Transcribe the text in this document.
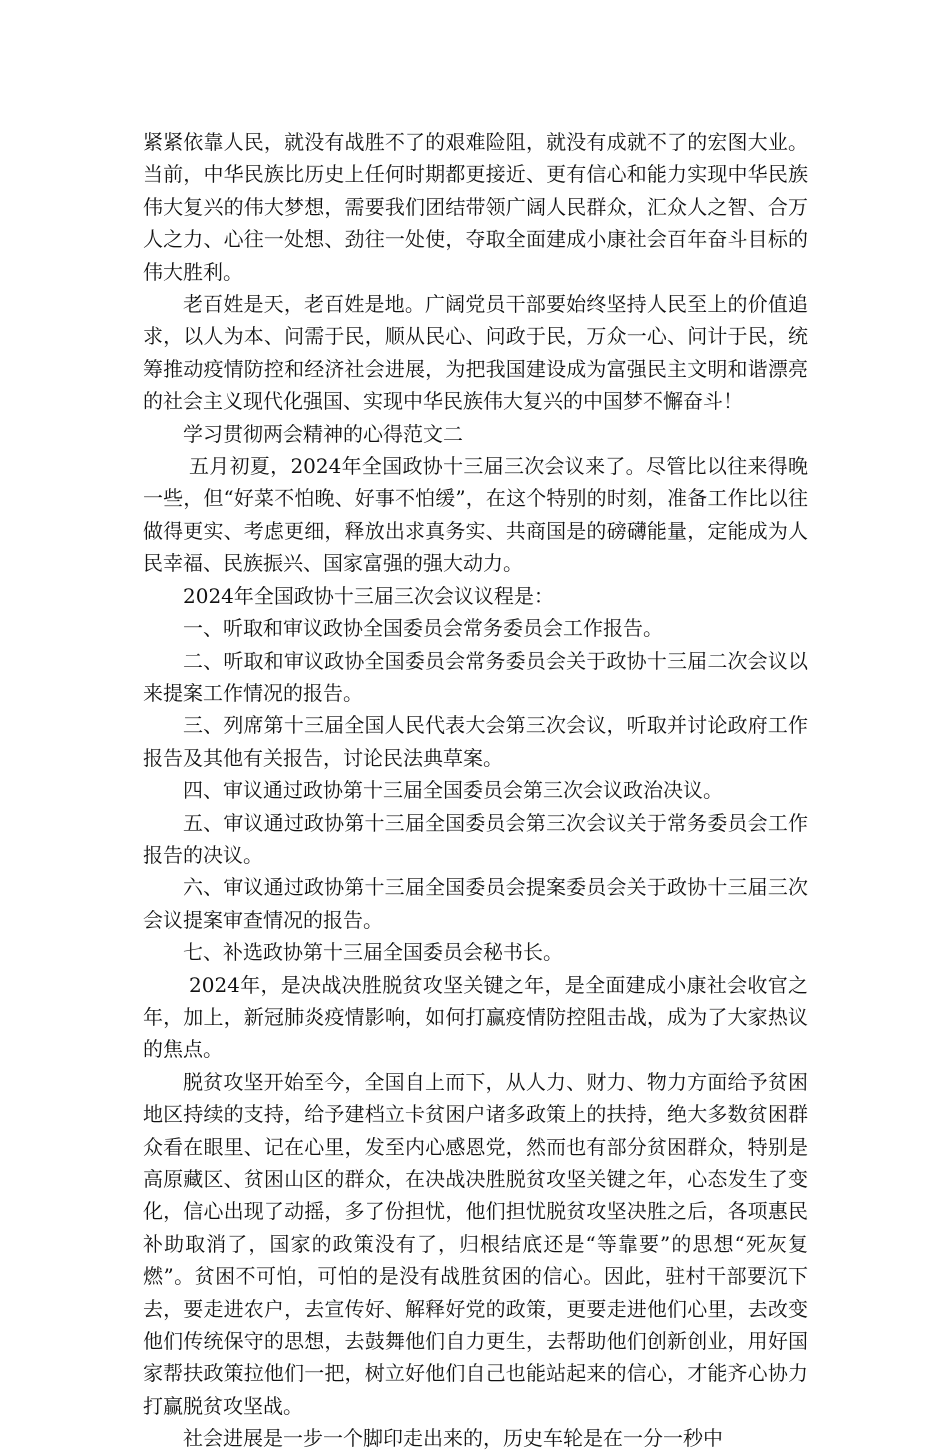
紧紧依靠人民，就没有战胜不了的艰难险阻，就没有成就不了的宏图大业。当前，中华民族比历史上任何时期都更接近、更有信心和能力实现中华民族伟大复兴的伟大梦想，需要我们团结带领广阔人民群众，汇众人之智、合万人之力、心往一处想、劲往一处使，夺取全面建成小康社会百年奋斗目标的伟大胜利。

老百姓是天，老百姓是地。广阔党员干部要始终坚持人民至上的价值追求，以人为本、问需于民，顺从民心、问政于民，万众一心、问计于民，统筹推动疫情防控和经济社会进展，为把我国建设成为富强民主文明和谐漂亮的社会主义现代化强国、实现中华民族伟大复兴的中国梦不懈奋斗！

学习贯彻两会精神的心得范文二

五月初夏，2024年全国政协十三届三次会议来了。尽管比以往来得晚一些，但“好菜不怕晚、好事不怕缓”，在这个特别的时刻，准备工作比以往做得更实、考虑更细，释放出求真务实、共商国是的磅礴能量，定能成为人民幸福、民族振兴、国家富强的强大动力。

2024年全国政协十三届三次会议议程是：

一、听取和审议政协全国委员会常务委员会工作报告。

二、听取和审议政协全国委员会常务委员会关于政协十三届二次会议以来提案工作情况的报告。

三、列席第十三届全国人民代表大会第三次会议，听取并讨论政府工作报告及其他有关报告，讨论民法典草案。

四、审议通过政协第十三届全国委员会第三次会议政治决议。

五、审议通过政协第十三届全国委员会第三次会议关于常务委员会工作报告的决议。

六、审议通过政协第十三届全国委员会提案委员会关于政协十三届三次会议提案审查情况的报告。

七、补选政协第十三届全国委员会秘书长。

2024年，是决战决胜脱贫攻坚关键之年，是全面建成小康社会收官之年，加上，新冠肺炎疫情影响，如何打赢疫情防控阻击战，成为了大家热议的焦点。

脱贫攻坚开始至今，全国自上而下，从人力、财力、物力方面给予贫困地区持续的支持，给予建档立卡贫困户诸多政策上的扶持，绝大多数贫困群众看在眼里、记在心里，发至内心感恩党，然而也有部分贫困群众，特别是高原藏区、贫困山区的群众，在决战决胜脱贫攻坚关键之年，心态发生了变化，信心出现了动摇，多了份担忧，他们担忧脱贫攻坚决胜之后，各项惠民补助取消了，国家的政策没有了，归根结底还是“等靠要”的思想“死灰复燃”。贫困不可怕，可怕的是没有战胜贫困的信心。因此，驻村干部要沉下去，要走进农户，去宣传好、解释好党的政策，更要走进他们心里，去改变他们传统保守的思想，去鼓舞他们自力更生，去帮助他们创新创业，用好国家帮扶政策拉他们一把，树立好他们自己也能站起来的信心，才能齐心协力打赢脱贫攻坚战。

社会进展是一步一个脚印走出来的，历史车轮是在一分一秒中
